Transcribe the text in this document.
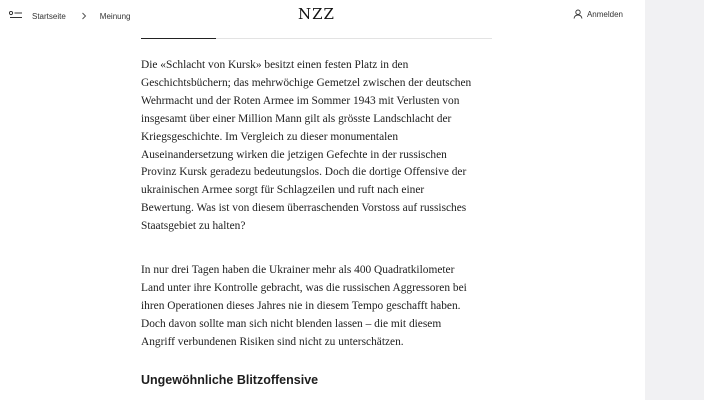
Startseite	Meinung	NZZ	Anmelden

Die «Schlacht von Kursk» besitzt einen festen Platz in den
Geschichtsbüchern; das mehrwöchige Gemetzel zwischen der deutschen
Wehrmacht und der Roten Armee im Sommer 1943 mit Verlusten von
insgesamt über einer Million Mann gilt als grösste Landschlacht der
Kriegsgeschichte. Im Vergleich zu dieser monumentalen
Auseinandersetzung wirken die jetzigen Gefechte in der russischen
Provinz Kursk geradezu bedeutungslos. Doch die dortige Offensive der
ukrainischen Armee sorgt für Schlagzeilen und ruft nach einer
Bewertung. Was ist von diesem überraschenden Vorstoss auf russisches
Staatsgebiet zu halten?

In nur drei Tagen haben die Ukrainer mehr als 400 Quadratkilometer
Land unter ihre Kontrolle gebracht, was die russischen Aggressoren bei
ihren Operationen dieses Jahres nie in diesem Tempo geschafft haben.
Doch davon sollte man sich nicht blenden lassen – die mit diesem
Angriff verbundenen Risiken sind nicht zu unterschätzen.

Ungewöhnliche Blitzoffensive
